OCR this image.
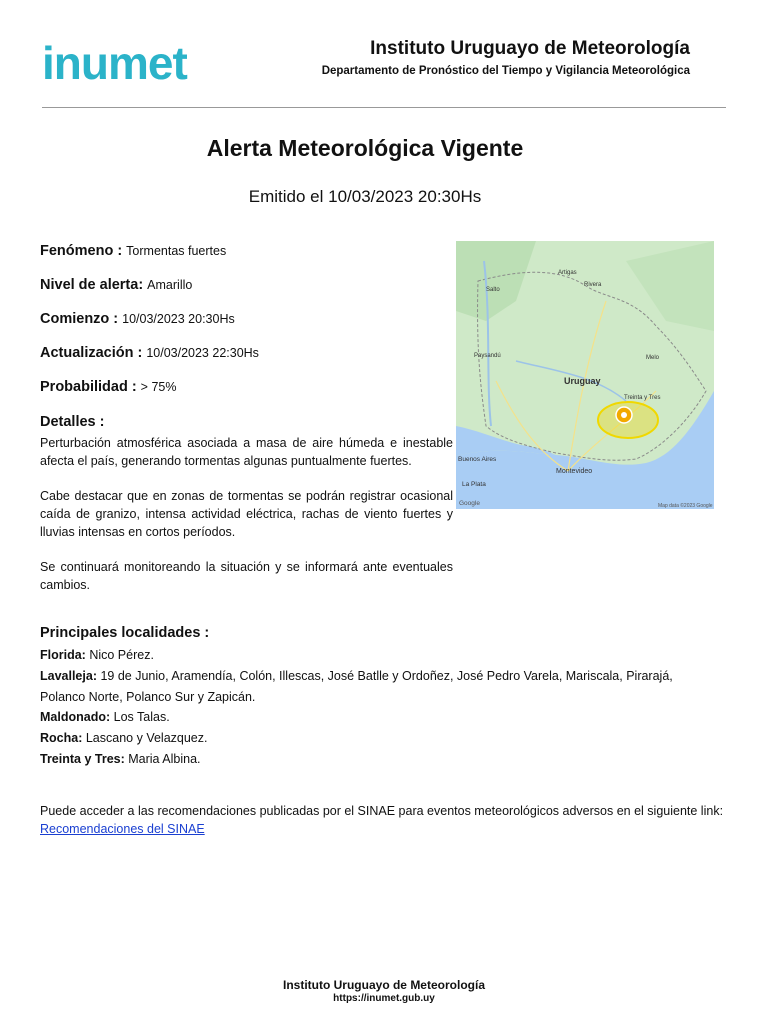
inumet	Instituto Uruguayo de Meteorología
Departamento de Pronóstico del Tiempo y Vigilancia Meteorológica
Alerta Meteorológica Vigente
Emitido el 10/03/2023 20:30Hs
Fenómeno : Tormentas fuertes
Nivel de alerta: Amarillo
Comienzo : 10/03/2023 20:30Hs
Actualización : 10/03/2023 22:30Hs
Probabilidad : > 75%
Detalles :

Perturbación atmosférica asociada a masa de aire húmeda e inestable afecta el país, generando tormentas algunas puntualmente fuertes.

Cabe destacar que en zonas de tormentas se podrán registrar ocasional caída de granizo, intensa actividad eléctrica, rachas de viento fuertes y lluvias intensas en cortos períodos.

Se continuará monitoreando la situación y se informará ante eventuales cambios.

Uruguay
Montevideo
Buenos Aires
La Plata
Treinta y Tres
Rivera
Artigas
Melo
Salto
Paysandú
Google	Map data ©2023 Google
Principales localidades :
Florida: Nico Pérez.
Lavalleja: 19 de Junio, Aramendía, Colón, Illescas, José Batlle y Ordoñez, José Pedro Varela, Mariscala, Pirarajá, Polanco Norte, Polanco Sur y Zapicán.
Maldonado: Los Talas.
Rocha: Lascano y Velazquez.
Treinta y Tres: Maria Albina.
Puede acceder a las recomendaciones publicadas por el SINAE para eventos meteorológicos adversos en el siguiente link: Recomendaciones del SINAE
Instituto Uruguayo de Meteorología
https://inumet.gub.uy
